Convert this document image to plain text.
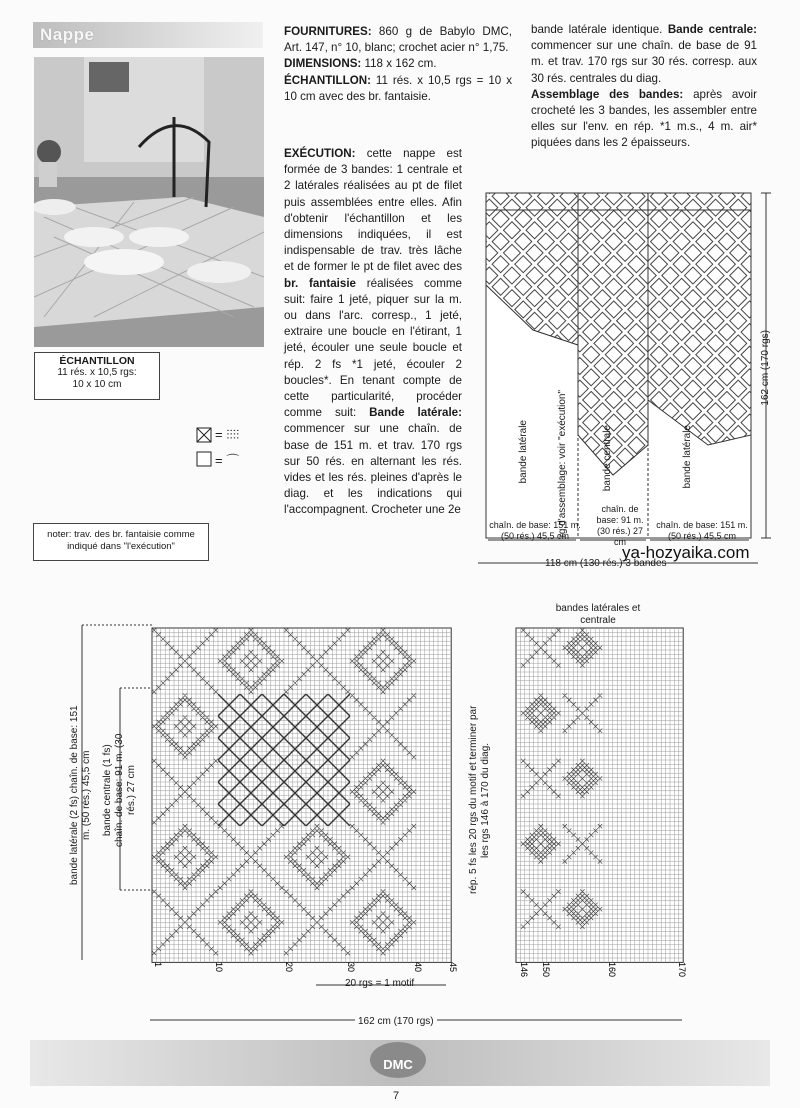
Nappe
ÉCHANTILLON
11 rés. x 10,5 rgs:
10 x 10 cm
= ⫶⫶⫶⫶
= ⌒
noter: trav. des br. fantaisie comme indiqué dans "l'exécution"

FOURNITURES: 860 g de Babylo DMC, Art. 147, n° 10, blanc; crochet acier n° 1,75.

DIMENSIONS: 118 x 162 cm.

ÉCHANTILLON: 11 rés. x 10,5 rgs = 10 x 10 cm avec des br. fantaisie.

EXÉCUTION: cette nappe est formée de 3 bandes: 1 centrale et 2 latérales réalisées au pt de filet puis assemblées entre elles. Afin d'obtenir l'échantillon et les dimensions indiquées, il est indispensable de trav. très lâche et de former le pt de filet avec des br. fantaisie réalisées comme suit: faire 1 jeté, piquer sur la m. ou dans l'arc. corresp., 1 jeté, extraire une boucle en l'étirant, 1 jeté, écouler une seule boucle et rép. 2 fs *1 jeté, écouler 2 boucles*. En tenant compte de cette particularité, procéder comme suit: Bande latérale: commencer sur une chaîn. de base de 151 m. et trav. 170 rgs sur 50 rés. en alternant les rés. vides et les rés. pleines d'après le diag. et les indications qui l'accompagnent. Crocheter une 2e

bande latérale identique. Bande centrale: commencer sur une chaîn. de base de 91 m. et trav. 170 rgs sur 30 rés. corresp. aux 30 rés. centrales du diag.

Assemblage des bandes: après avoir crocheté les 3 bandes, les assembler entre elles sur l'env. en rép. *1 m.s., 4 m. air* piquées dans les 2 épaisseurs.

bande latérale	rg d'assemblage: voir "exécution"	bande centrale	bande latérale
chaîn. de base: 151 m. (50 rés.) 45,5 cm
chaîn. de base: 91 m. (30 rés.) 27 cm
chaîn. de base: 151 m. (50 rés.) 45,5 cm
162 cm (170 rgs)
118 cm (130 rés.) 3 bandes
ya-hozyaika.com
1	10	20	30	40	45	146 150	160	170
bandes latérales et centrale
bande latérale (2 fs) chaîn. de base: 151 m. (50 rés.) 45,5 cm	bande centrale (1 fs) chaîn. de base: 91 m. (30 rés.) 27 cm	rép. 5 fs les 20 rgs du motif et terminer par les rgs 146 à 170 du diag.
20 rgs = 1 motif
162 cm (170 rgs)
DMC
7
